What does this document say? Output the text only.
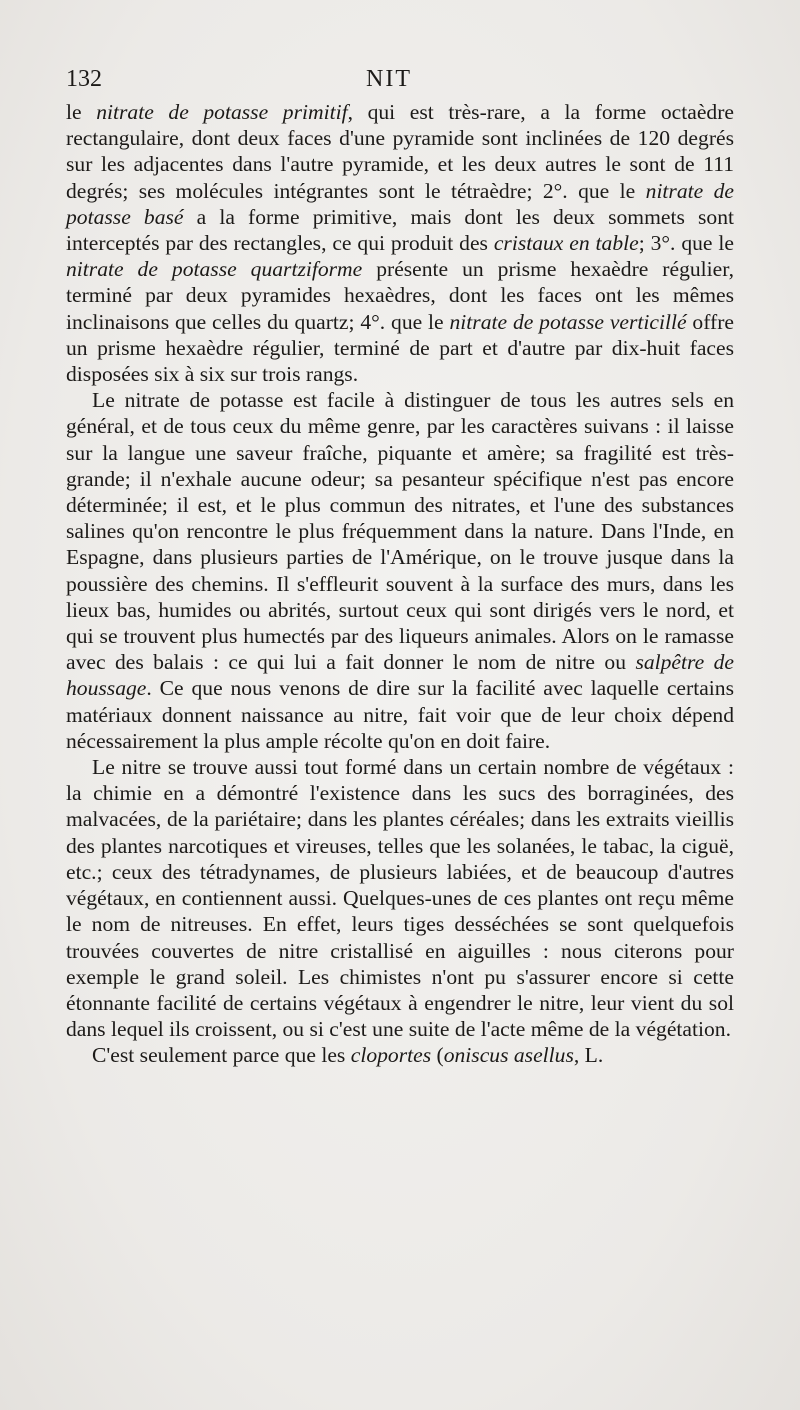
132	NIT

le nitrate de potasse primitif, qui est très-rare, a la forme octaèdre rectangulaire, dont deux faces d'une pyramide sont inclinées de 120 degrés sur les adjacentes dans l'autre pyramide, et les deux autres le sont de 111 degrés; ses molécules intégrantes sont le tétraèdre; 2°. que le nitrate de potasse basé a la forme primitive, mais dont les deux sommets sont interceptés par des rectangles, ce qui produit des cristaux en table; 3°. que le nitrate de potasse quartziforme présente un prisme hexaèdre régulier, terminé par deux pyramides hexaèdres, dont les faces ont les mêmes inclinaisons que celles du quartz; 4°. que le nitrate de potasse verticillé offre un prisme hexaèdre régulier, terminé de part et d'autre par dix-huit faces disposées six à six sur trois rangs.

Le nitrate de potasse est facile à distinguer de tous les autres sels en général, et de tous ceux du même genre, par les caractères suivans : il laisse sur la langue une saveur fraîche, piquante et amère; sa fragilité est très-grande; il n'exhale aucune odeur; sa pesanteur spécifique n'est pas encore déterminée; il est, et le plus commun des nitrates, et l'une des substances salines qu'on rencontre le plus fréquemment dans la nature. Dans l'Inde, en Espagne, dans plusieurs parties de l'Amérique, on le trouve jusque dans la poussière des chemins. Il s'effleurit souvent à la surface des murs, dans les lieux bas, humides ou abrités, surtout ceux qui sont dirigés vers le nord, et qui se trouvent plus humectés par des liqueurs animales. Alors on le ramasse avec des balais : ce qui lui a fait donner le nom de nitre ou salpêtre de houssage. Ce que nous venons de dire sur la facilité avec laquelle certains matériaux donnent naissance au nitre, fait voir que de leur choix dépend nécessairement la plus ample récolte qu'on en doit faire.

Le nitre se trouve aussi tout formé dans un certain nombre de végétaux : la chimie en a démontré l'existence dans les sucs des borraginées, des malvacées, de la pariétaire; dans les plantes céréales; dans les extraits vieillis des plantes narcotiques et vireuses, telles que les solanées, le tabac, la ciguë, etc.; ceux des tétradynames, de plusieurs labiées, et de beaucoup d'autres végétaux, en contiennent aussi. Quelques-unes de ces plantes ont reçu même le nom de nitreuses. En effet, leurs tiges desséchées se sont quelquefois trouvées couvertes de nitre cristallisé en aiguilles : nous citerons pour exemple le grand soleil. Les chimistes n'ont pu s'assurer encore si cette étonnante facilité de certains végétaux à engendrer le nitre, leur vient du sol dans lequel ils croissent, ou si c'est une suite de l'acte même de la végétation.

C'est seulement parce que les cloportes (oniscus asellus, L.
